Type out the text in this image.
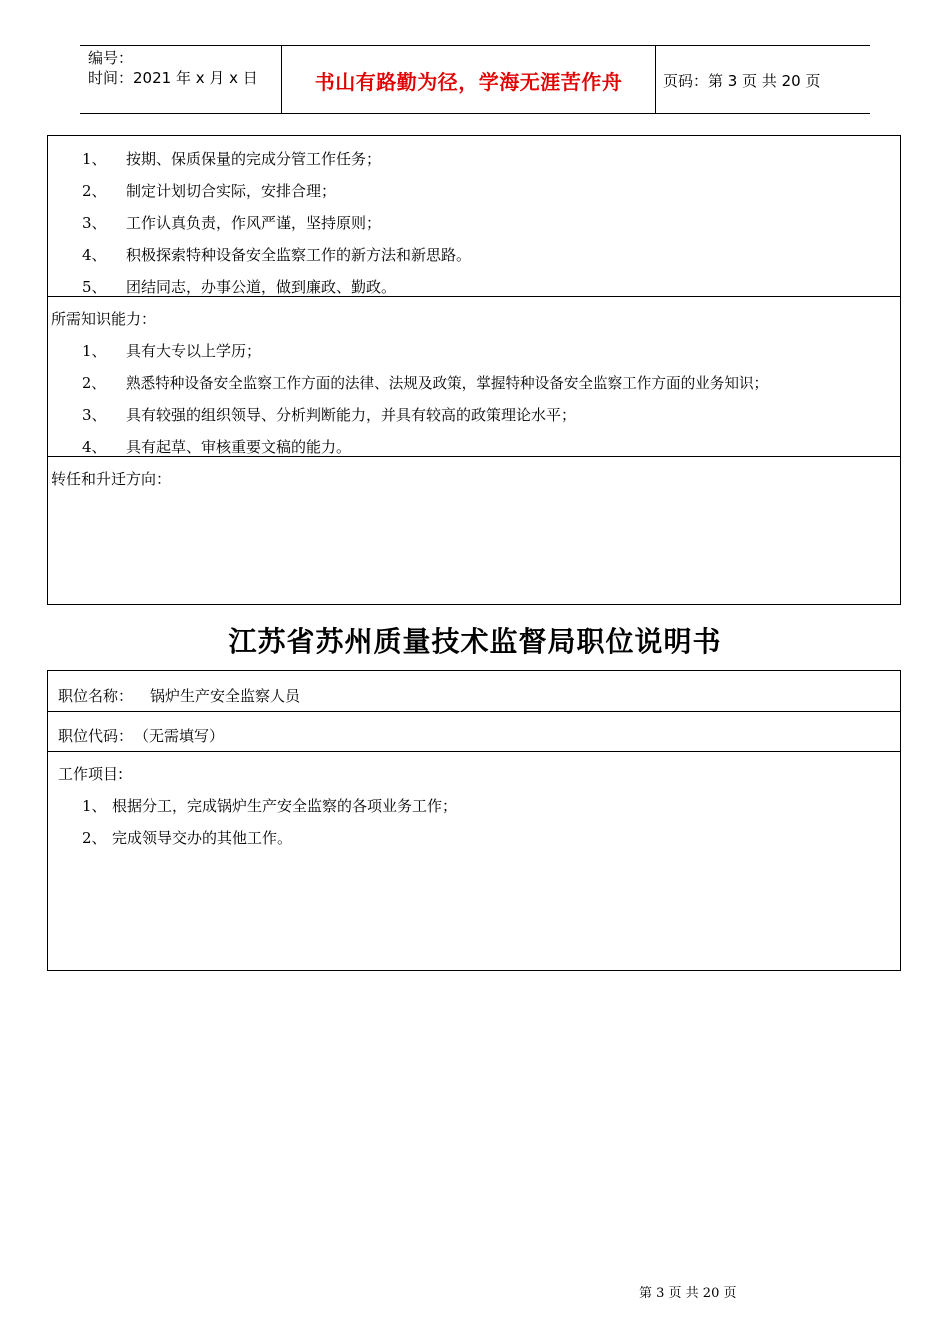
编号：
时间：2021 年 x 月 x 日	书山有路勤为径，学海无涯苦作舟	页码：第 3 页 共 20 页
1、 按期、保质保量的完成分管工作任务；
2、 制定计划切合实际，安排合理；
3、 工作认真负责，作风严谨，坚持原则；
4、 积极探索特种设备安全监察工作的新方法和新思路。
5、 团结同志，办事公道，做到廉政、勤政。
所需知识能力：
1、 具有大专以上学历；
2、 熟悉特种设备安全监察工作方面的法律、法规及政策，掌握特种设备安全监察工作方面的业务知识；
3、 具有较强的组织领导、分析判断能力，并具有较高的政策理论水平；
4、 具有起草、审核重要文稿的能力。
转任和升迁方向：
江苏省苏州质量技术监督局职位说明书
职位名称： 锅炉生产安全监察人员
职位代码： （无需填写）
工作项目:
1、 根据分工，完成锅炉生产安全监察的各项业务工作；
2、 完成领导交办的其他工作。
第 3 页 共 20 页
